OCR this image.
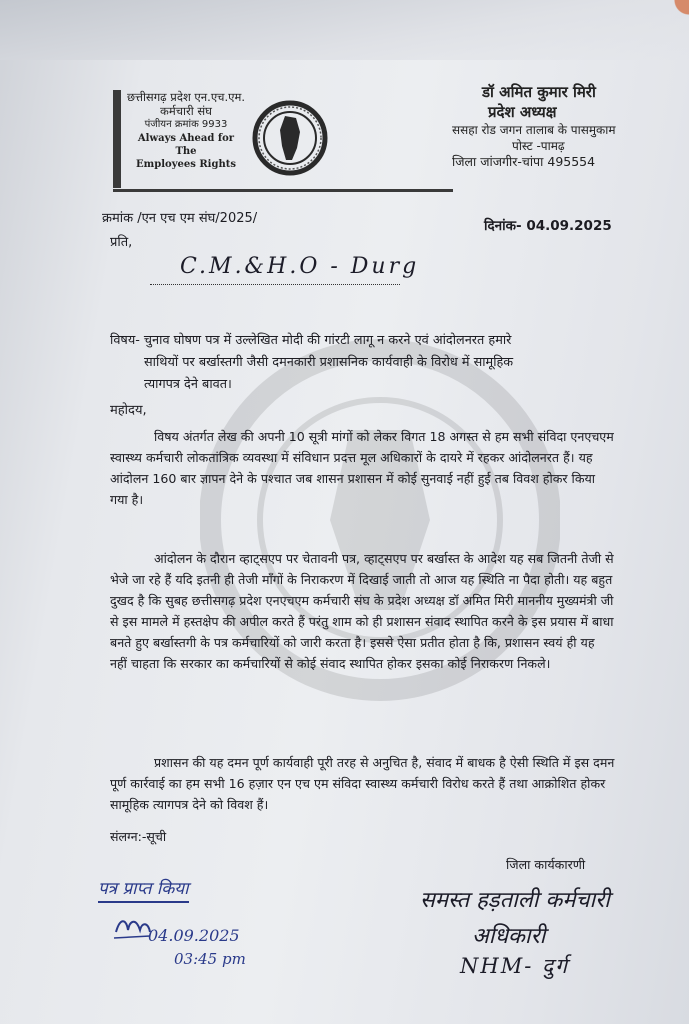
छत्तीसगढ़ प्रदेश एन.एच.एम.
कर्मचारी संघ
पंजीयन क्रमांक 9933
Always Ahead for The
Employees Rights
डॉ अमित कुमार मिरी
प्रदेश अध्यक्ष
ससहा रोड जगन तालाब के पासमुकाम
पोस्ट -पामढ़
जिला जांजगीर-चांपा 495554
क्रमांक /एन एच एम संघ/2025/	दिनांक- 04.09.2025
प्रति,
C.M.&H.O - Durg
विषय- चुनाव घोषण पत्र में उल्लेखित मोदी की गांरटी लागू न करने एवं आंदोलनरत हमारे
साथियों पर बर्खास्तगी जैसी दमनकारी प्रशासनिक कार्यवाही के विरोध में सामूहिक
त्यागपत्र देने बावत।
महोदय,
विषय अंतर्गत लेख की अपनी 10 सूत्री मांगों को लेकर विगत 18 अगस्त से हम सभी संविदा एनएचएम स्वास्थ्य कर्मचारी लोकतांत्रिक व्यवस्था में संविधान प्रदत्त मूल अधिकारों के दायरे में रहकर आंदोलनरत हैं। यह आंदोलन 160 बार ज्ञापन देने के पश्चात जब शासन प्रशासन में कोई सुनवाई नहीं हुई तब विवश होकर किया गया है।
आंदोलन के दौरान व्हाट्सएप पर चेतावनी पत्र, व्हाट्सएप पर बर्खास्त के आदेश यह सब जितनी तेजी से भेजे जा रहे हैं यदि इतनी ही तेजी माँगों के निराकरण में दिखाई जाती तो आज यह स्थिति ना पैदा होती। यह बहुत दुखद है कि सुबह छत्तीसगढ़ प्रदेश एनएचएम कर्मचारी संघ के प्रदेश अध्यक्ष डॉ अमित मिरी माननीय मुख्यमंत्री जी से इस मामले में हस्तक्षेप की अपील करते हैं परंतु शाम को ही प्रशासन संवाद स्थापित करने के इस प्रयास में बाधा बनते हुए बर्खास्तगी के पत्र कर्मचारियों को जारी करता है। इससे ऐसा प्रतीत होता है कि, प्रशासन स्वयं ही यह नहीं चाहता कि सरकार का कर्मचारियों से कोई संवाद स्थापित होकर इसका कोई निराकरण निकले।
प्रशासन की यह दमन पूर्ण कार्यवाही पूरी तरह से अनुचित है, संवाद में बाधक है ऐसी स्थिति में इस दमन पूर्ण कार्रवाई का हम सभी 16 हज़ार एन एच एम संविदा स्वास्थ्य कर्मचारी विरोध करते हैं तथा आक्रोशित होकर सामूहिक त्यागपत्र देने को विवश हैं।
संलग्न:-सूची
जिला कार्यकारणी
पत्र प्राप्त किया
04.09.2025
03:45 pm
समस्त हड़ताली कर्मचारी
अधिकारी
NHM- दुर्ग
